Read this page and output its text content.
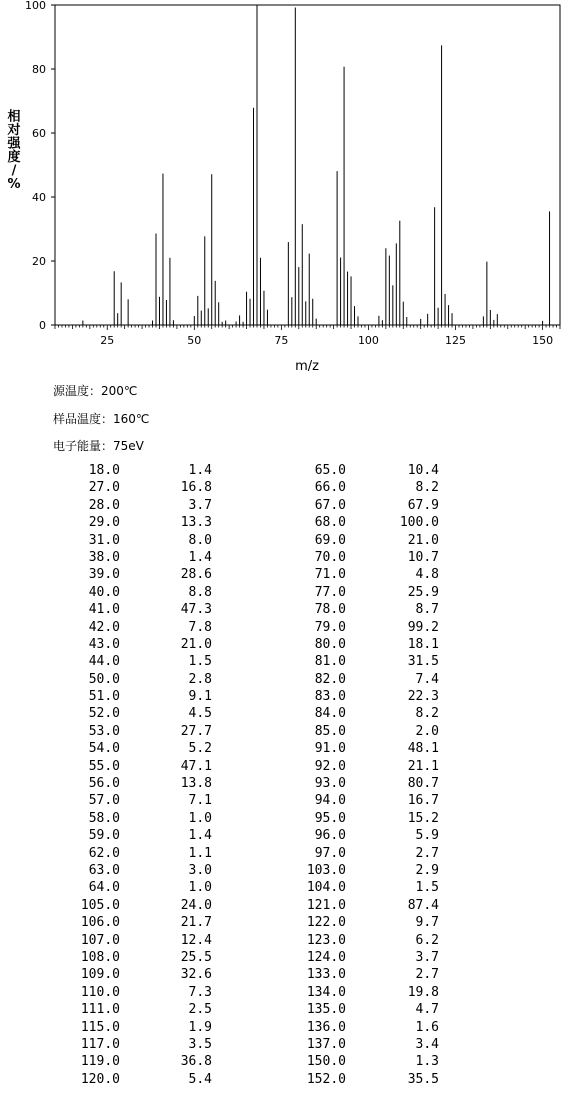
0
20
40
60
80
100
25	50	75	100	125	150
m/z
相对强度/ %
源温度：200℃
样品温度：160℃
电子能量：75eV
18.0	1.4	65.0	10.4
27.0	16.8	66.0	8.2
28.0	3.7	67.0	67.9
29.0	13.3	68.0	100.0
31.0	8.0	69.0	21.0
38.0	1.4	70.0	10.7
39.0	28.6	71.0	4.8
40.0	8.8	77.0	25.9
41.0	47.3	78.0	8.7
42.0	7.8	79.0	99.2
43.0	21.0	80.0	18.1
44.0	1.5	81.0	31.5
50.0	2.8	82.0	7.4
51.0	9.1	83.0	22.3
52.0	4.5	84.0	8.2
53.0	27.7	85.0	2.0
54.0	5.2	91.0	48.1
55.0	47.1	92.0	21.1
56.0	13.8	93.0	80.7
57.0	7.1	94.0	16.7
58.0	1.0	95.0	15.2
59.0	1.4	96.0	5.9
62.0	1.1	97.0	2.7
63.0	3.0	103.0	2.9
64.0	1.0	104.0	1.5
105.0	24.0	121.0	87.4
106.0	21.7	122.0	9.7
107.0	12.4	123.0	6.2
108.0	25.5	124.0	3.7
109.0	32.6	133.0	2.7
110.0	7.3	134.0	19.8
111.0	2.5	135.0	4.7
115.0	1.9	136.0	1.6
117.0	3.5	137.0	3.4
119.0	36.8	150.0	1.3
120.0	5.4	152.0	35.5
